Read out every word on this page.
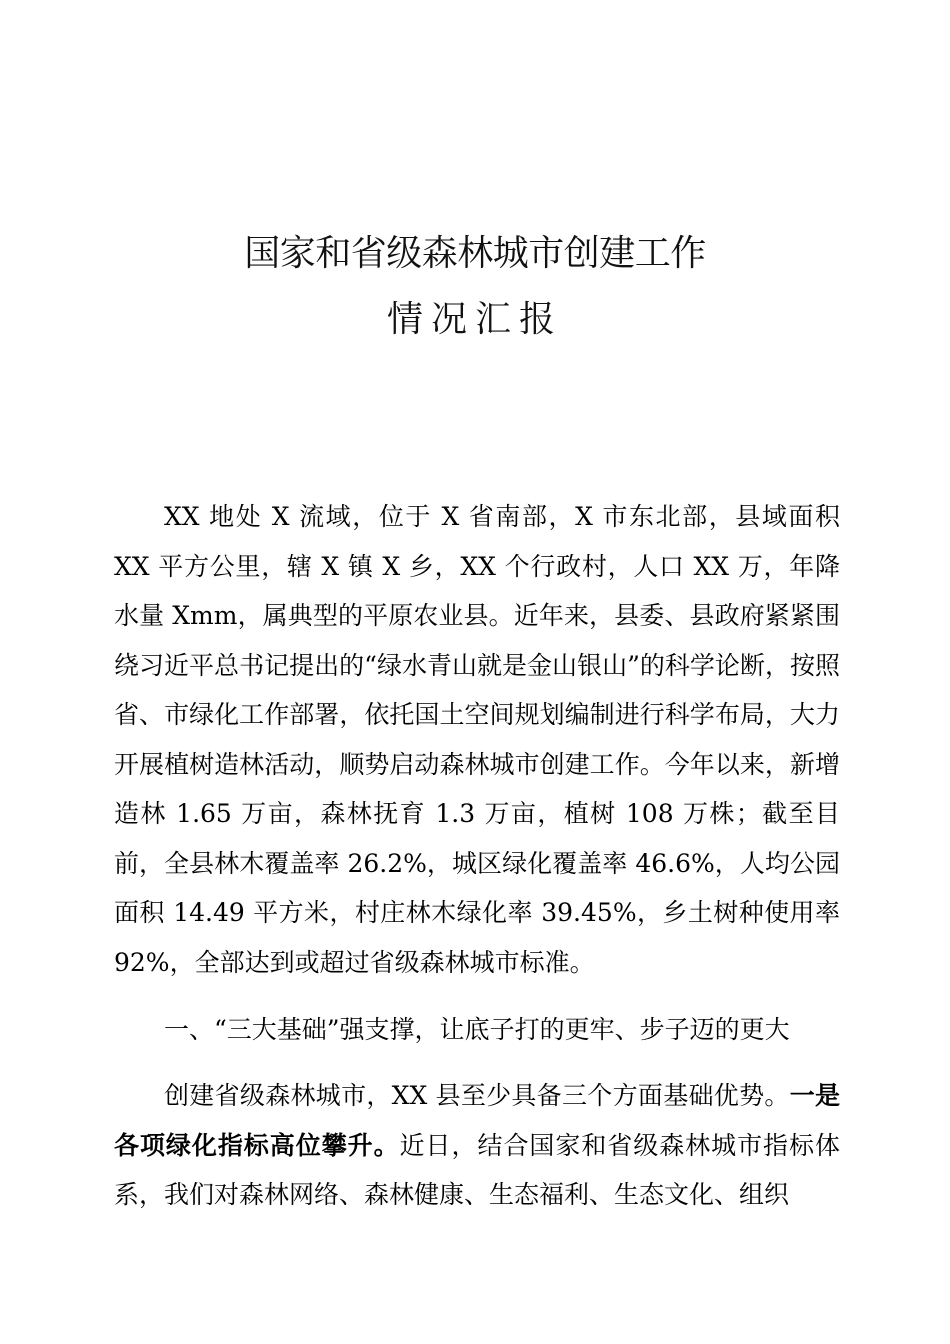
国家和省级森林城市创建工作
情况汇报

XX 地处 X 流域，位于 X 省南部，X 市东北部，县域面积 XX 平方公里，辖 X 镇 X 乡，XX 个行政村，人口 XX 万，年降水量 Xmm，属典型的平原农业县。近年来，县委、县政府紧紧围绕习近平总书记提出的“绿水青山就是金山银山”的科学论断，按照省、市绿化工作部署，依托国土空间规划编制进行科学布局，大力开展植树造林活动，顺势启动森林城市创建工作。今年以来，新增造林 1.65 万亩，森林抚育 1.3 万亩，植树 108 万株；截至目前，全县林木覆盖率 26.2%，城区绿化覆盖率 46.6%，人均公园面积 14.49 平方米，村庄林木绿化率 39.45%，乡土树种使用率 92%，全部达到或超过省级森林城市标准。

一、“三大基础”强支撑，让底子打的更牢、步子迈的更大

创建省级森林城市，XX 县至少具备三个方面基础优势。一是各项绿化指标高位攀升。近日，结合国家和省级森林城市指标体系，我们对森林网络、森林健康、生态福利、生态文化、组织
